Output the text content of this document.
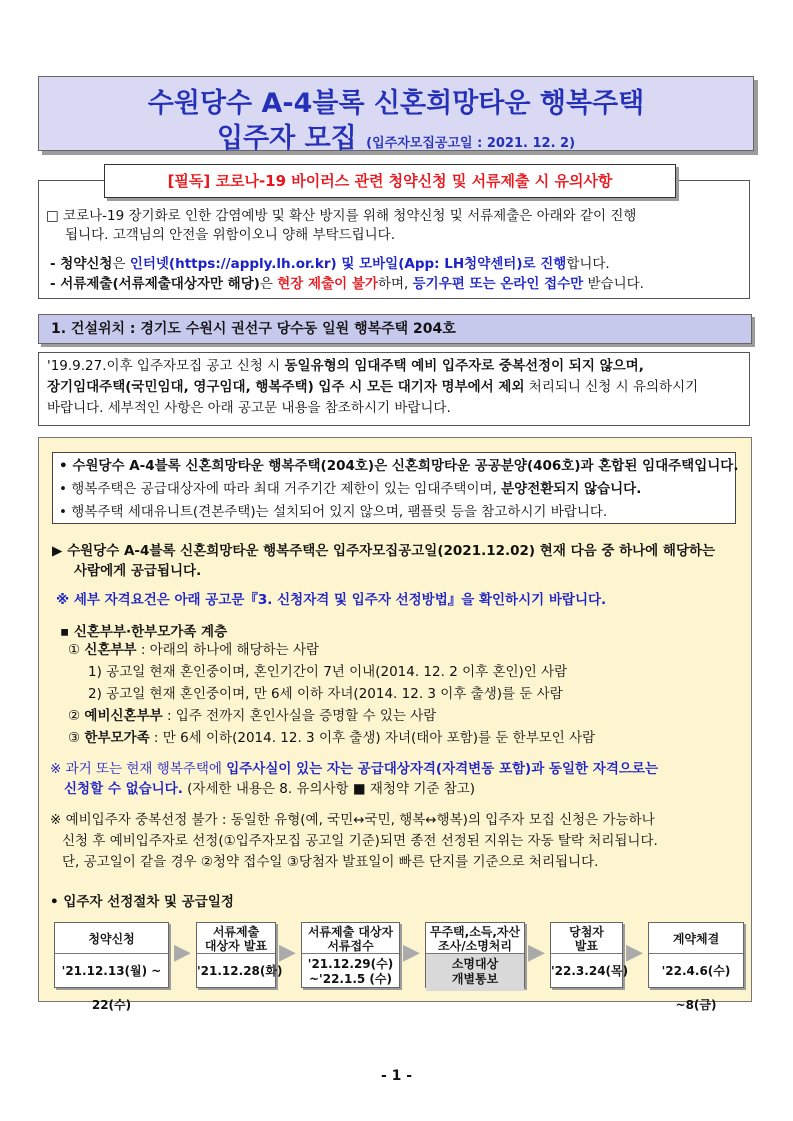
수원당수 A-4블록 신혼희망타운 행복주택
입주자 모집 (입주자모집공고일 : 2021. 12. 2)
[필독] 코로나-19 바이러스 관련 청약신청 및 서류제출 시 유의사항
□ 코로나-19 장기화로 인한 감염예방 및 확산 방지를 위해 청약신청 및 서류제출은 아래와 같이 진행
됩니다. 고객님의 안전을 위함이오니 양해 부탁드립니다.
- 청약신청은 인터넷(https://apply.lh.or.kr) 및 모바일(App: LH청약센터)로 진행합니다.
- 서류제출(서류제출대상자만 해당)은 현장 제출이 불가하며, 등기우편 또는 온라인 접수만 받습니다.
1. 건설위치 : 경기도 수원시 권선구 당수동 일원 행복주택 204호
'19.9.27.이후 입주자모집 공고 신청 시 동일유형의 임대주택 예비 입주자로 중복선정이 되지 않으며,
장기임대주택(국민임대, 영구임대, 행복주택) 입주 시 모든 대기자 명부에서 제외 처리되니 신청 시 유의하시기
바랍니다. 세부적인 사항은 아래 공고문 내용을 참조하시기 바랍니다.
• 수원당수 A-4블록 신혼희망타운 행복주택(204호)은 신혼희망타운 공공분양(406호)과 혼합된 임대주택입니다.
• 행복주택은 공급대상자에 따라 최대 거주기간 제한이 있는 임대주택이며, 분양전환되지 않습니다.
• 행복주택 세대유니트(견본주택)는 설치되어 있지 않으며, 팸플릿 등을 참고하시기 바랍니다.
▶ 수원당수 A-4블록 신혼희망타운 행복주택은 입주자모집공고일(2021.12.02) 현재 다음 중 하나에 해당하는
사람에게 공급됩니다.
※ 세부 자격요건은 아래 공고문『3. 신청자격 및 입주자 선정방법』을 확인하시기 바랍니다.
▪ 신혼부부·한부모가족 계층
① 신혼부부 : 아래의 하나에 해당하는 사람
1) 공고일 현재 혼인중이며, 혼인기간이 7년 이내(2014. 12. 2 이후 혼인)인 사람
2) 공고일 현재 혼인중이며, 만 6세 이하 자녀(2014. 12. 3 이후 출생)를 둔 사람
② 예비신혼부부 : 입주 전까지 혼인사실을 증명할 수 있는 사람
③ 한부모가족 : 만 6세 이하(2014. 12. 3 이후 출생) 자녀(태아 포함)를 둔 한부모인 사람
※ 과거 또는 현재 행복주택에 입주사실이 있는 자는 공급대상자격(자격변동 포함)과 동일한 자격으로는
신청할 수 없습니다. (자세한 내용은 8. 유의사항 ■ 재청약 기준 참고)
※ 예비입주자 중복선정 불가 : 동일한 유형(예, 국민↔국민, 행복↔행복)의 입주자 모집 신청은 가능하나
신청 후 예비입주자로 선정(①입주자모집 공고일 기준)되면 종전 선정된 지위는 자동 탈락 처리됩니다.
단, 공고일이 같을 경우 ②청약 접수일 ③당첨자 발표일이 빠른 단지를 기준으로 처리됩니다.
• 입주자 선정절차 및 공급일정
청약신청
'21.12.13(월) ~ 22(수)
▶
서류제출
대상자 발표
'21.12.28(화)
▶
서류제출 대상자
서류접수
'21.12.29(수)
~'22.1.5 (수)
▶
무주택,소득,자산
조사/소명처리
소명대상
개별통보
▶
당첨자
발표
'22.3.24(목)
▶
계약체결
'22.4.6(수) ~8(금)
- 1 -
